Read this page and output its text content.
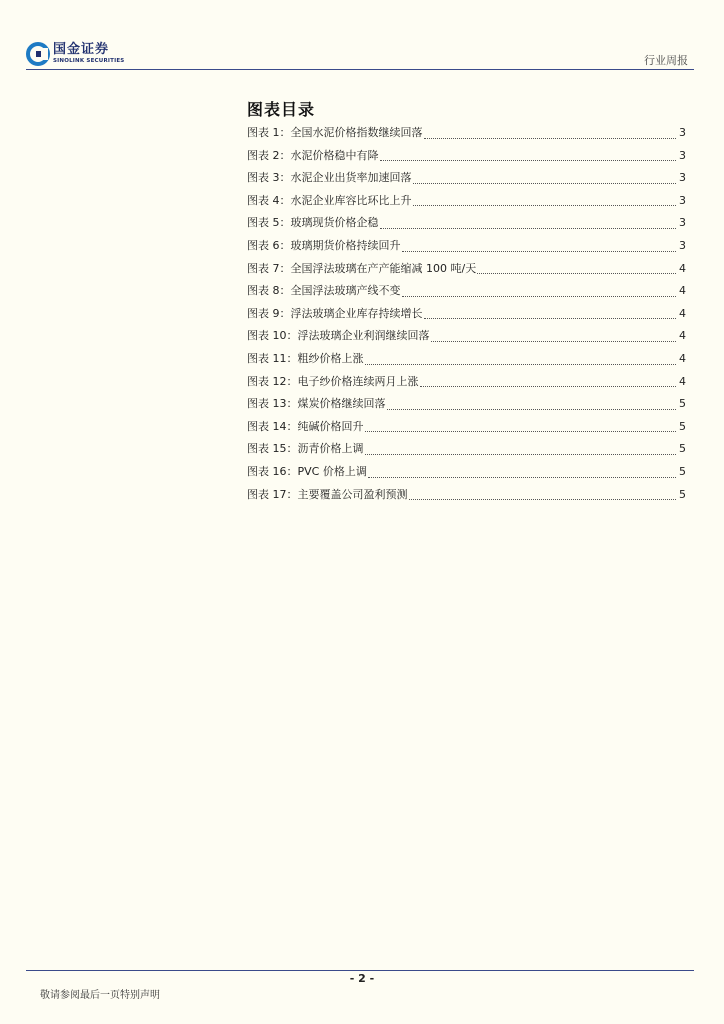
国金证券
SINOLINK SECURITIES	行业周报
图表目录
图表 1：全国水泥价格指数继续回落	3
图表 2：水泥价格稳中有降	3
图表 3：水泥企业出货率加速回落	3
图表 4：水泥企业库容比环比上升	3
图表 5：玻璃现货价格企稳	3
图表 6：玻璃期货价格持续回升	3
图表 7：全国浮法玻璃在产产能缩减 100 吨/天	4
图表 8：全国浮法玻璃产线不变	4
图表 9：浮法玻璃企业库存持续增长	4
图表 10：浮法玻璃企业利润继续回落	4
图表 11：粗纱价格上涨	4
图表 12：电子纱价格连续两月上涨	4
图表 13：煤炭价格继续回落	5
图表 14：纯碱价格回升	5
图表 15：沥青价格上调	5
图表 16：PVC 价格上调	5
图表 17：主要覆盖公司盈利预测	5
- 2 -
敬请参阅最后一页特别声明
